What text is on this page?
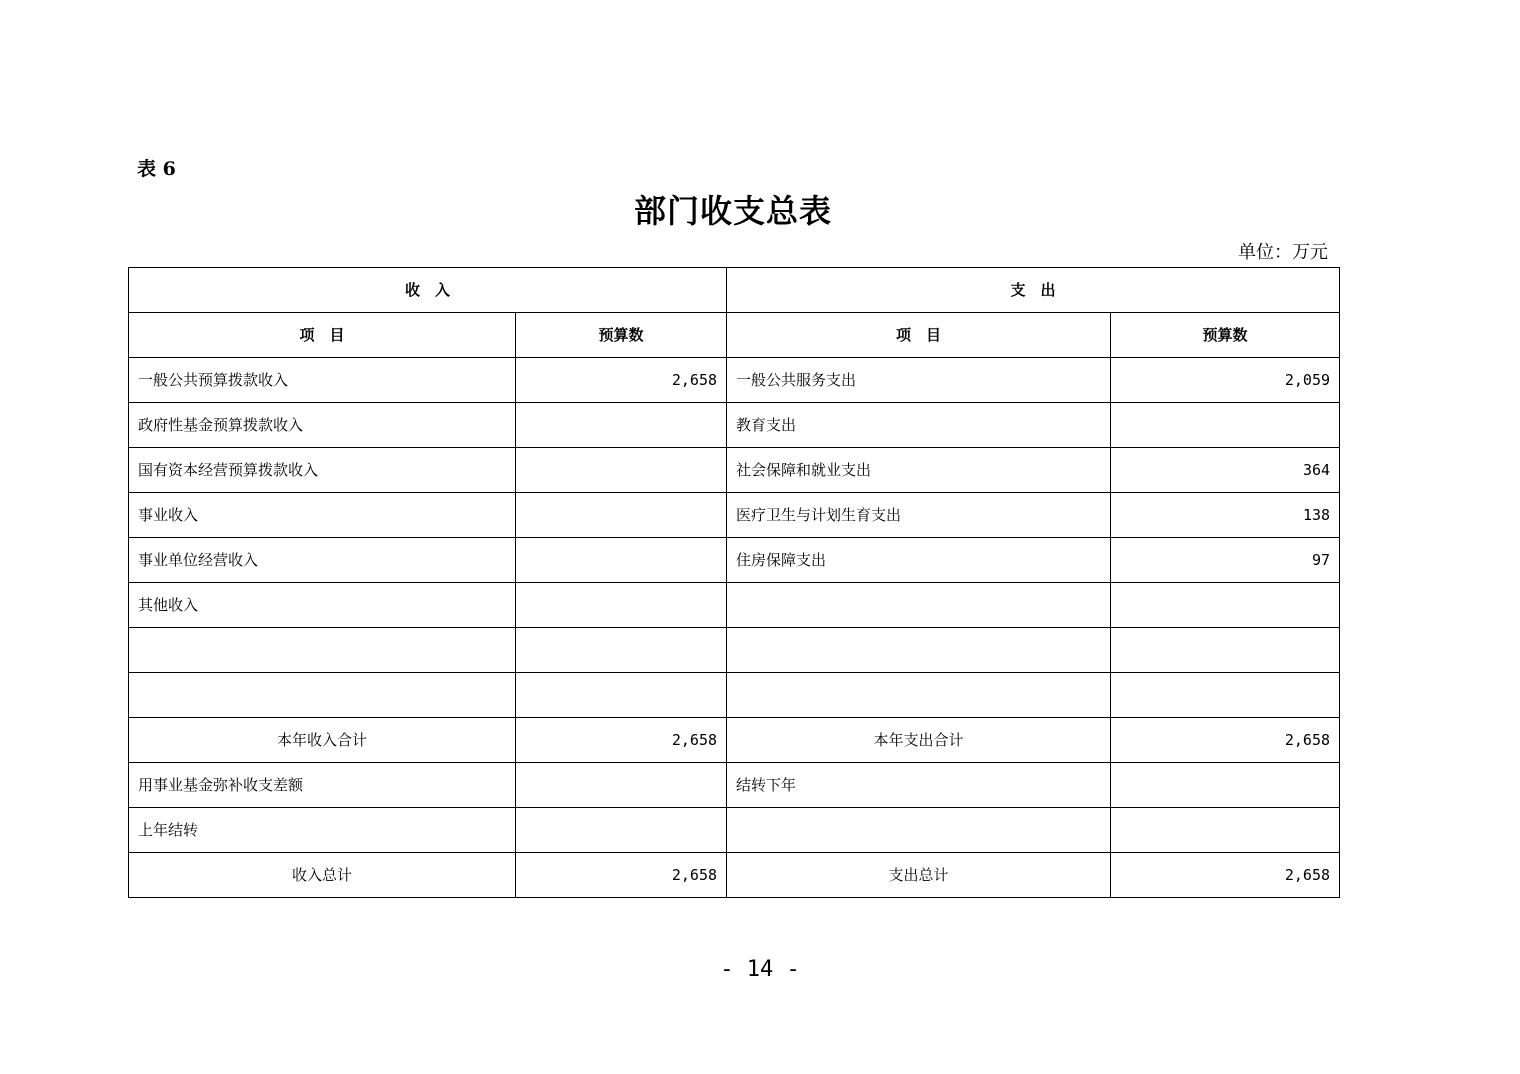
表 6
部门收支总表
单位：万元
收　入		支　出	
项　目	预算数	项　目	预算数
一般公共预算拨款收入	2,658	一般公共服务支出	2,059
政府性基金预算拨款收入		教育支出	
国有资本经营预算拨款收入		社会保障和就业支出	364
事业收入		医疗卫生与计划生育支出	138
事业单位经营收入		住房保障支出	97
其他收入			

本年收入合计	2,658	本年支出合计	2,658
用事业基金弥补收支差额		结转下年	
上年结转			
收入总计	2,658	支出总计	2,658
- 14 -
